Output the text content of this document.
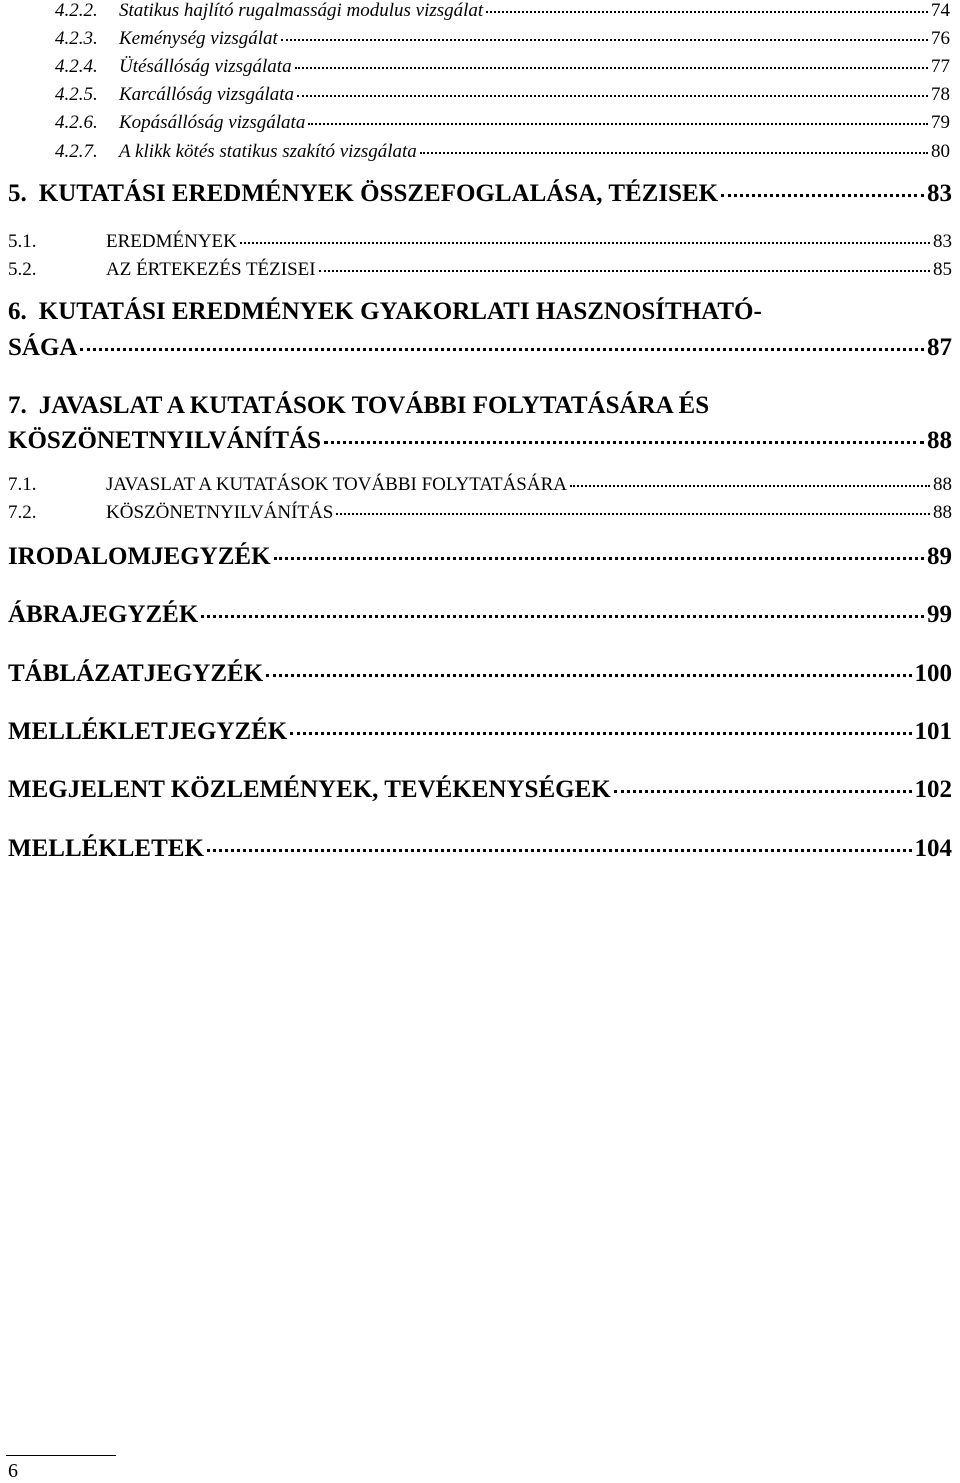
4.2.2.	Statikus hajlító rugalmassági modulus vizsgálat	74
4.2.3.	Keménység vizsgálat	76
4.2.4.	Ütésállóság vizsgálata	77
4.2.5.	Karcállóság vizsgálata	78
4.2.6.	Kopásállóság vizsgálata	79
4.2.7.	A klikk kötés statikus szakító vizsgálata	80
5. KUTATÁSI EREDMÉNYEK ÖSSZEFOGLALÁSA, TÉZISEK	83
5.1.	EREDMÉNYEK	83
5.2.	AZ ÉRTEKEZÉS TÉZISEI	85
6. KUTATÁSI EREDMÉNYEK GYAKORLATI HASZNOSÍTHATÓ-
SÁGA	87
7. JAVASLAT A KUTATÁSOK TOVÁBBI FOLYTATÁSÁRA ÉS
KÖSZÖNETNYILVÁNÍTÁS	88
7.1.	JAVASLAT A KUTATÁSOK TOVÁBBI FOLYTATÁSÁRA	88
7.2.	KÖSZÖNETNYILVÁNÍTÁS	88
IRODALOMJEGYZÉK	89
ÁBRAJEGYZÉK	99
TÁBLÁZATJEGYZÉK	100
MELLÉKLETJEGYZÉK	101
MEGJELENT KÖZLEMÉNYEK, TEVÉKENYSÉGEK	102
MELLÉKLETEK	104
6
